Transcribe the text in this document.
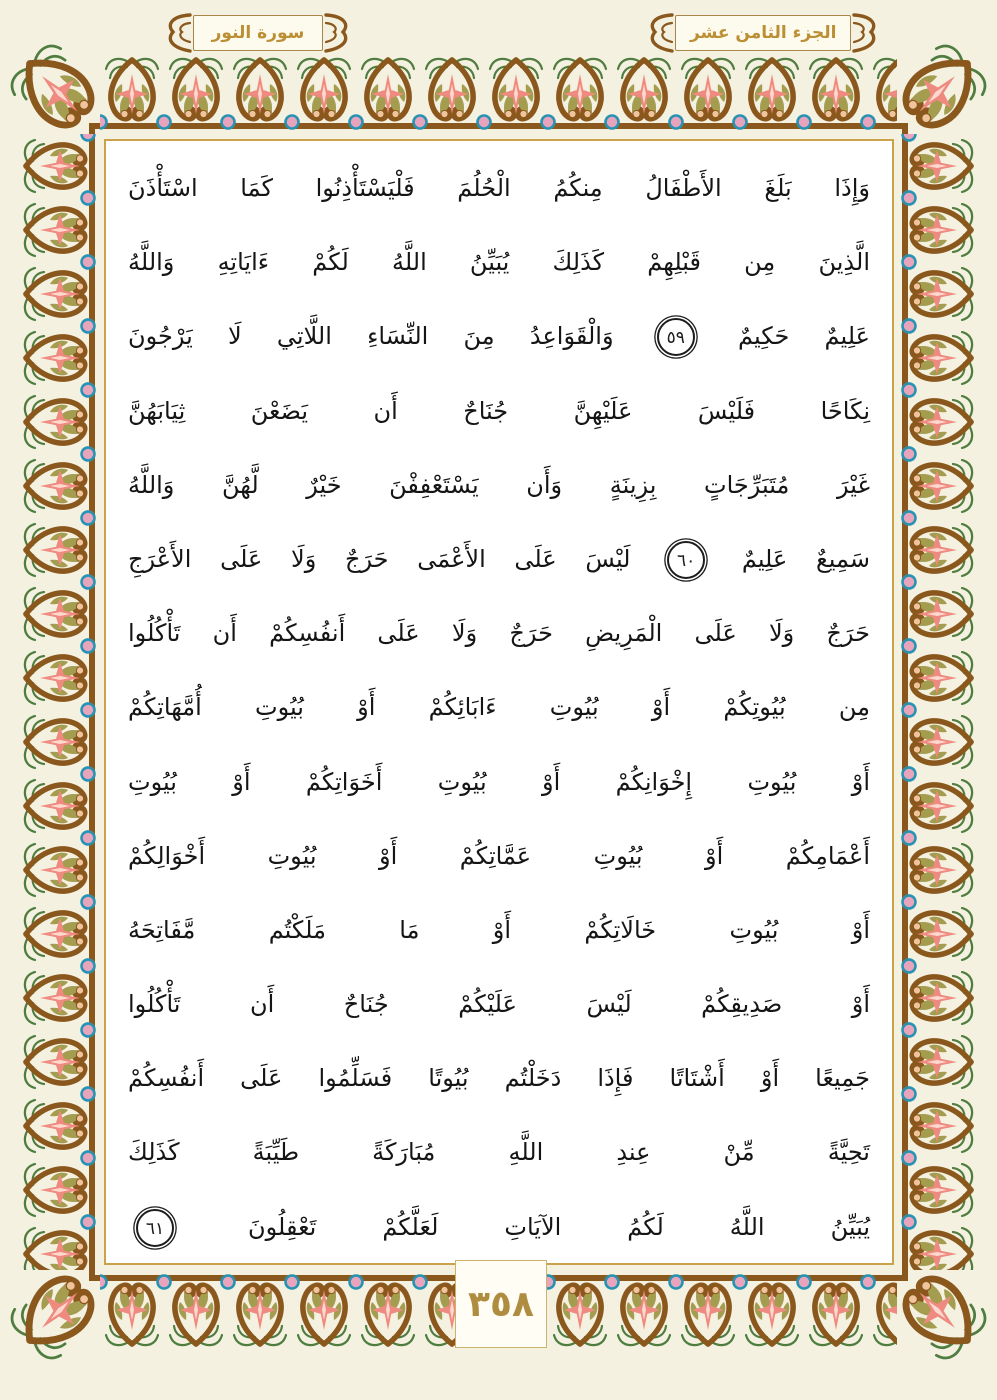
سورة النور	الجزء الثامن عشر
وَإِذَا بَلَغَ الأَطْفَالُ مِنكُمُ الْحُلُمَ فَلْيَسْتَأْذِنُوا كَمَا اسْتَأْذَنَ
الَّذِينَ مِن قَبْلِهِمْ كَذَلِكَ يُبَيِّنُ اللَّهُ لَكُمْ ءَايَاتِهِ وَاللَّهُ
عَلِيمٌ حَكِيمٌ ٥٩ وَالْقَوَاعِدُ مِنَ النِّسَاءِ اللَّاتِي لَا يَرْجُونَ
نِكَاحًا فَلَيْسَ عَلَيْهِنَّ جُنَاحٌ أَن يَضَعْنَ ثِيَابَهُنَّ
غَيْرَ مُتَبَرِّجَاتٍ بِزِينَةٍ وَأَن يَسْتَعْفِفْنَ خَيْرٌ لَّهُنَّ وَاللَّهُ
سَمِيعٌ عَلِيمٌ ٦٠ لَيْسَ عَلَى الأَعْمَى حَرَجٌ وَلَا عَلَى الأَعْرَجِ
حَرَجٌ وَلَا عَلَى الْمَرِيضِ حَرَجٌ وَلَا عَلَى أَنفُسِكُمْ أَن تَأْكُلُوا
مِن بُيُوتِكُمْ أَوْ بُيُوتِ ءَابَائِكُمْ أَوْ بُيُوتِ أُمَّهَاتِكُمْ
أَوْ بُيُوتِ إِخْوَانِكُمْ أَوْ بُيُوتِ أَخَوَاتِكُمْ أَوْ بُيُوتِ
أَعْمَامِكُمْ أَوْ بُيُوتِ عَمَّاتِكُمْ أَوْ بُيُوتِ أَخْوَالِكُمْ
أَوْ بُيُوتِ خَالَاتِكُمْ أَوْ مَا مَلَكْتُم مَّفَاتِحَهُ
أَوْ صَدِيقِكُمْ لَيْسَ عَلَيْكُمْ جُنَاحٌ أَن تَأْكُلُوا
جَمِيعًا أَوْ أَشْتَاتًا فَإِذَا دَخَلْتُم بُيُوتًا فَسَلِّمُوا عَلَى أَنفُسِكُمْ
تَحِيَّةً مِّنْ عِندِ اللَّهِ مُبَارَكَةً طَيِّبَةً كَذَلِكَ
يُبَيِّنُ اللَّهُ لَكُمُ الآيَاتِ لَعَلَّكُمْ تَعْقِلُونَ ٦١
٣٥٨
